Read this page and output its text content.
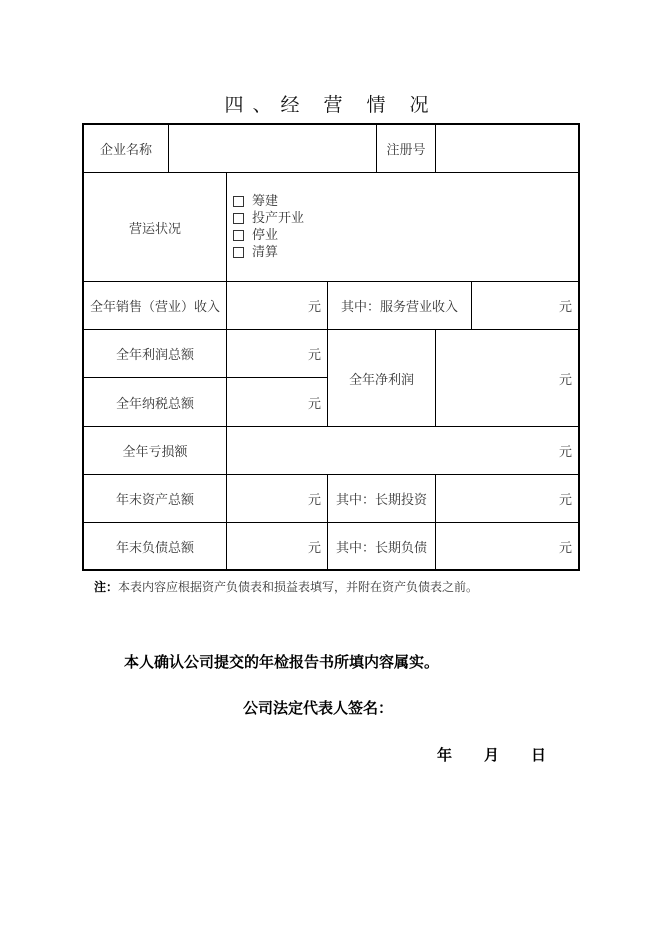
四、经 营 情 况
企业名称	注册号
营运状况
筹建
投产开业
停业
清算
全年销售（营业）收入	元	其中：服务营业收入	元
全年利润总额	元
全年纳税总额	元
全年净利润	元
全年亏损额	元
年末资产总额	元	其中：长期投资	元
年末负债总额	元	其中：长期负债	元
注：本表内容应根据资产负债表和损益表填写，并附在资产负债表之前。
本人确认公司提交的年检报告书所填内容属实。
公司法定代表人签名：
年 月 日
